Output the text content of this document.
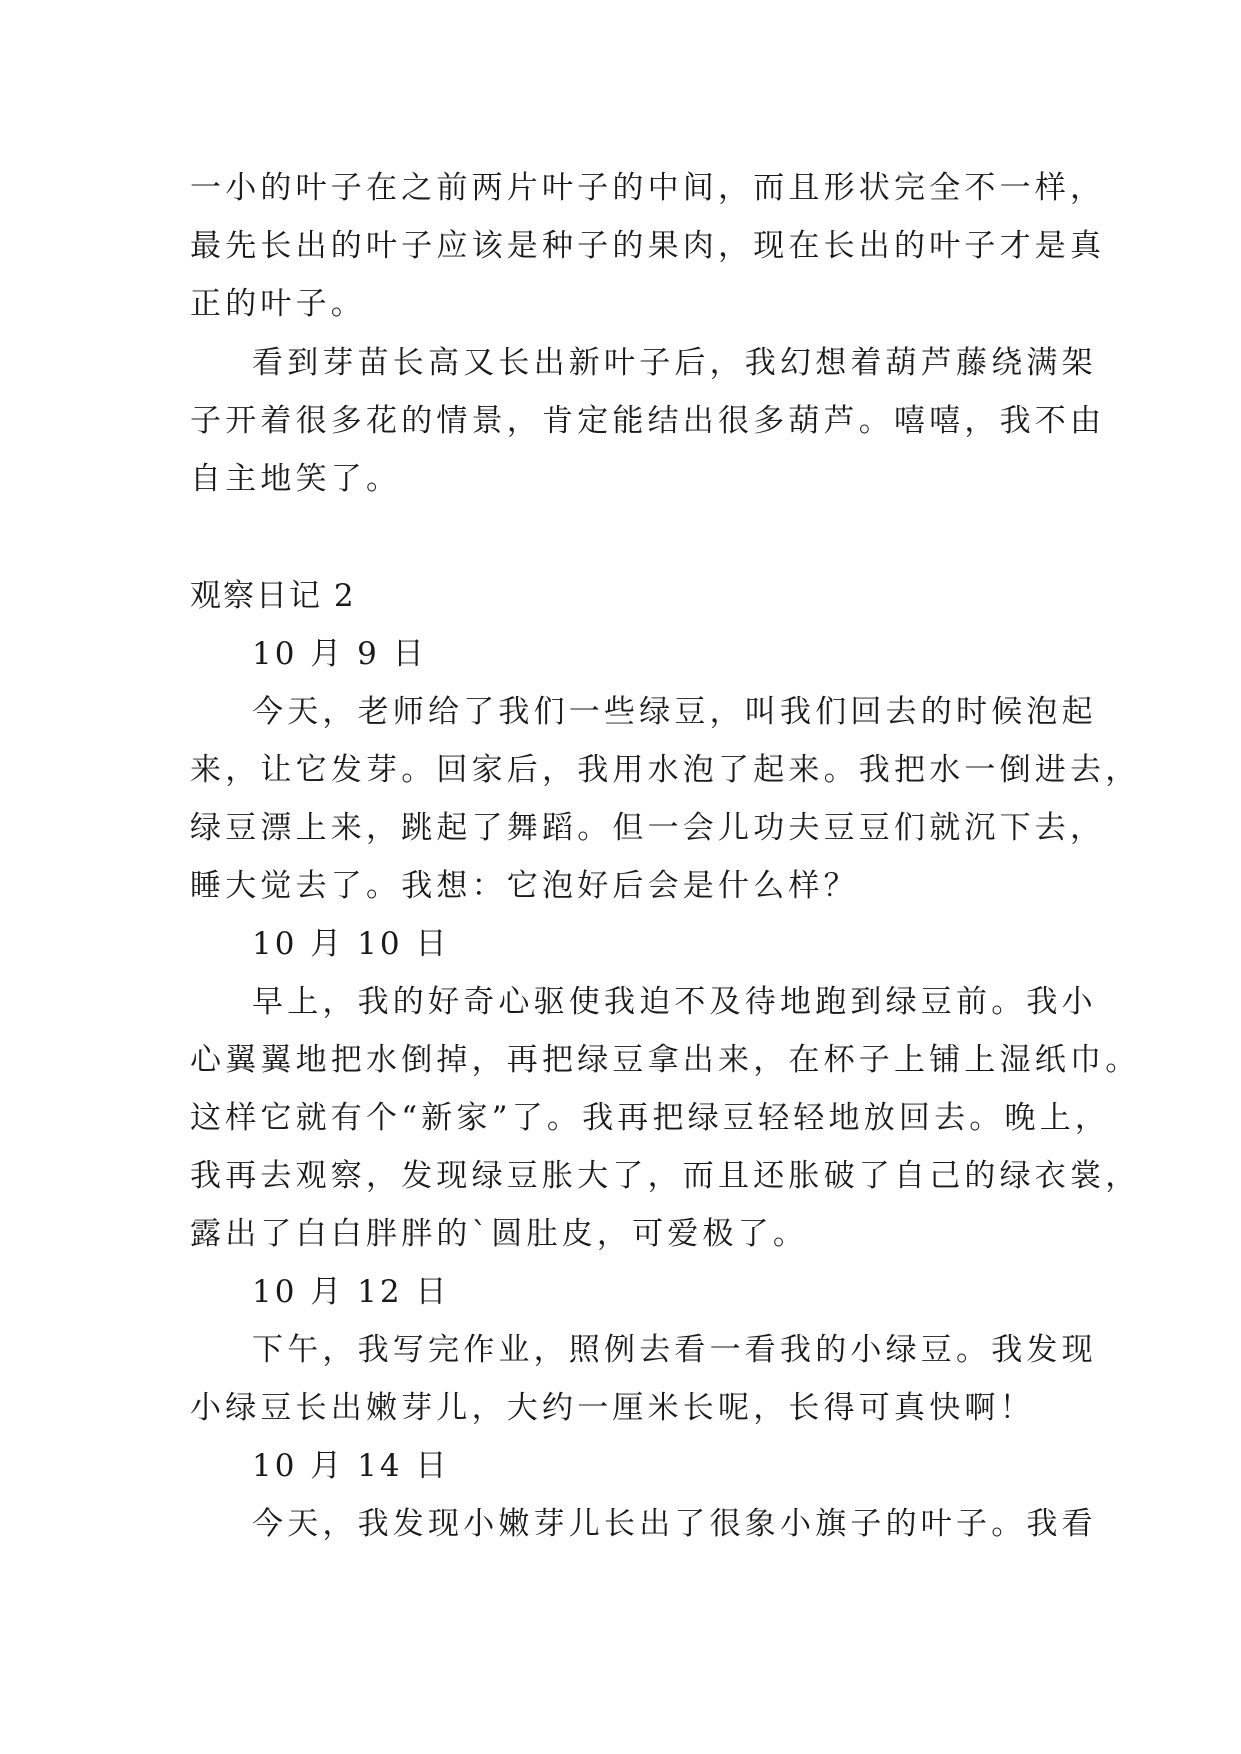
一小的叶子在之前两片叶子的中间，而且形状完全不一样，
最先长出的叶子应该是种子的果肉，现在长出的叶子才是真
正的叶子。
看到芽苗长高又长出新叶子后，我幻想着葫芦藤绕满架
子开着很多花的情景，肯定能结出很多葫芦。嘻嘻，我不由
自主地笑了。
观察日记 2
10 月 9 日
今天，老师给了我们一些绿豆，叫我们回去的时候泡起
来，让它发芽。回家后，我用水泡了起来。我把水一倒进去，
绿豆漂上来，跳起了舞蹈。但一会儿功夫豆豆们就沉下去，
睡大觉去了。我想：它泡好后会是什么样？
10 月 10 日
早上，我的好奇心驱使我迫不及待地跑到绿豆前。我小
心翼翼地把水倒掉，再把绿豆拿出来，在杯子上铺上湿纸巾。
这样它就有个“新家”了。我再把绿豆轻轻地放回去。晚上，
我再去观察，发现绿豆胀大了，而且还胀破了自己的绿衣裳，
露出了白白胖胖的`圆肚皮，可爱极了。
10 月 12 日
下午，我写完作业，照例去看一看我的小绿豆。我发现
小绿豆长出嫩芽儿，大约一厘米长呢，长得可真快啊！
10 月 14 日
今天，我发现小嫩芽儿长出了很象小旗子的叶子。我看
